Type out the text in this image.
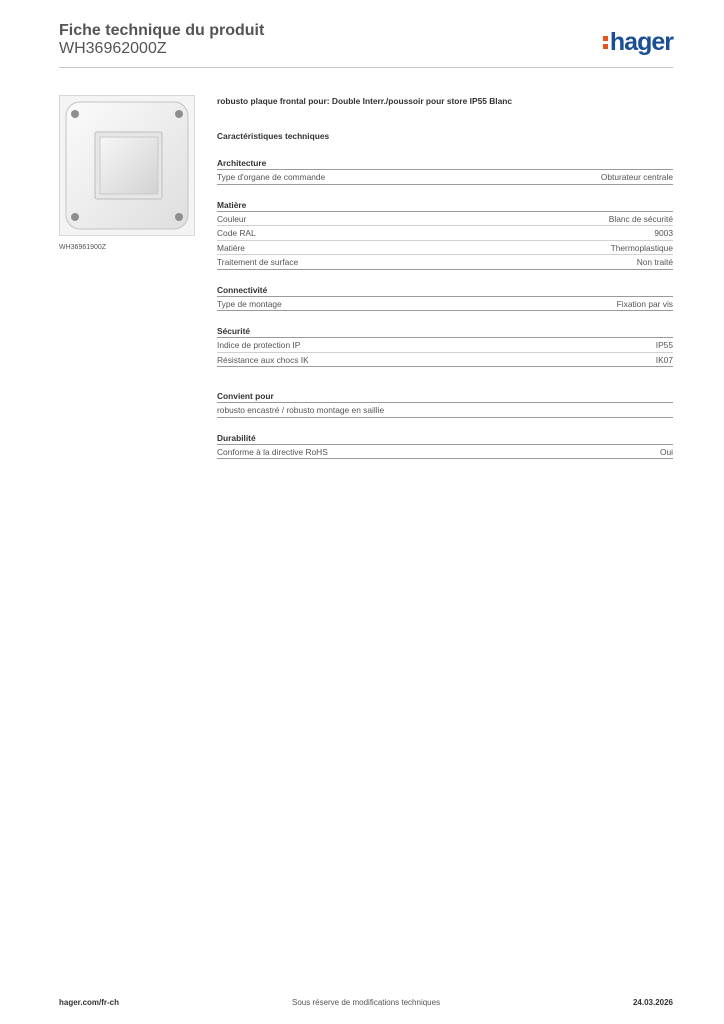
Fiche technique du produit
WH36962000Z	hager
WH36961900Z
robusto plaque frontal pour: Double Interr./poussoir pour store IP55 Blanc
Caractéristiques techniques
Architecture
Type d'organe de commande	Obturateur centrale
Matière
Couleur	Blanc de sécurité
Code RAL	9003
Matière	Thermoplastique
Traitement de surface	Non traité
Connectivité
Type de montage	Fixation par vis
Sécurité
Indice de protection IP	IP55
Résistance aux chocs IK	IK07
Convient pour
robusto encastré / robusto montage en saillie
Durabilité
Conforme à la directive RoHS	Oui
hager.com/fr-ch	Sous réserve de modifications techniques	24.03.2026
